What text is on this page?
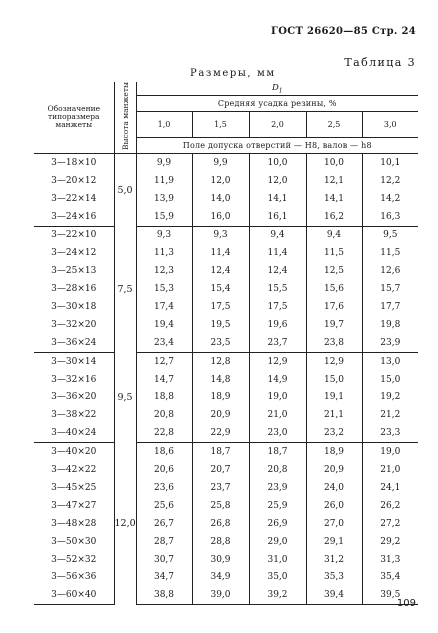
ГОСТ 26620—85 Стр. 24
Таблица 3
Размеры, мм
Обозначение типоразмера манжеты	Высота манжеты	$D_1$
		Средняя усадка резины, %				
		1,0	1,5	2,0	2,5	3,0
		Поле допуска отверстий — Н8, валов — h8				
3—18×10	5,0	9,9	9,9	10,0	10,0	10,1
3—20×12		11,9	12,0	12,0	12,1	12,2
3—22×14		13,9	14,0	14,1	14,1	14,2
3—24×16		15,9	16,0	16,1	16,2	16,3
3—22×10	7,5	9,3	9,3	9,4	9,4	9,5
3—24×12		11,3	11,4	11,4	11,5	11,5
3—25×13		12,3	12,4	12,4	12,5	12,6
3—28×16		15,3	15,4	15,5	15,6	15,7
3—30×18		17,4	17,5	17,5	17,6	17,7
3—32×20		19,4	19,5	19,6	19,7	19,8
3—36×24		23,4	23,5	23,7	23,8	23,9
3—30×14	9,5	12,7	12,8	12,9	12,9	13,0
3—32×16		14,7	14,8	14,9	15,0	15,0
3—36×20		18,8	18,9	19,0	19,1	19,2
3—38×22		20,8	20,9	21,0	21,1	21,2
3—40×24		22,8	22,9	23,0	23,2	23,3
3—40×20	12,0	18,6	18,7	18,7	18,9	19,0
3—42×22		20,6	20,7	20,8	20,9	21,0
3—45×25		23,6	23,7	23,9	24,0	24,1
3—47×27		25,6	25,8	25,9	26,0	26,2
3—48×28		26,7	26,8	26,9	27,0	27,2
3—50×30		28,7	28,8	29,0	29,1	29,2
3—52×32		30,7	30,9	31,0	31,2	31,3
3—56×36		34,7	34,9	35,0	35,3	35,4
3—60×40		38,8	39,0	39,2	39,4	39,5
109
